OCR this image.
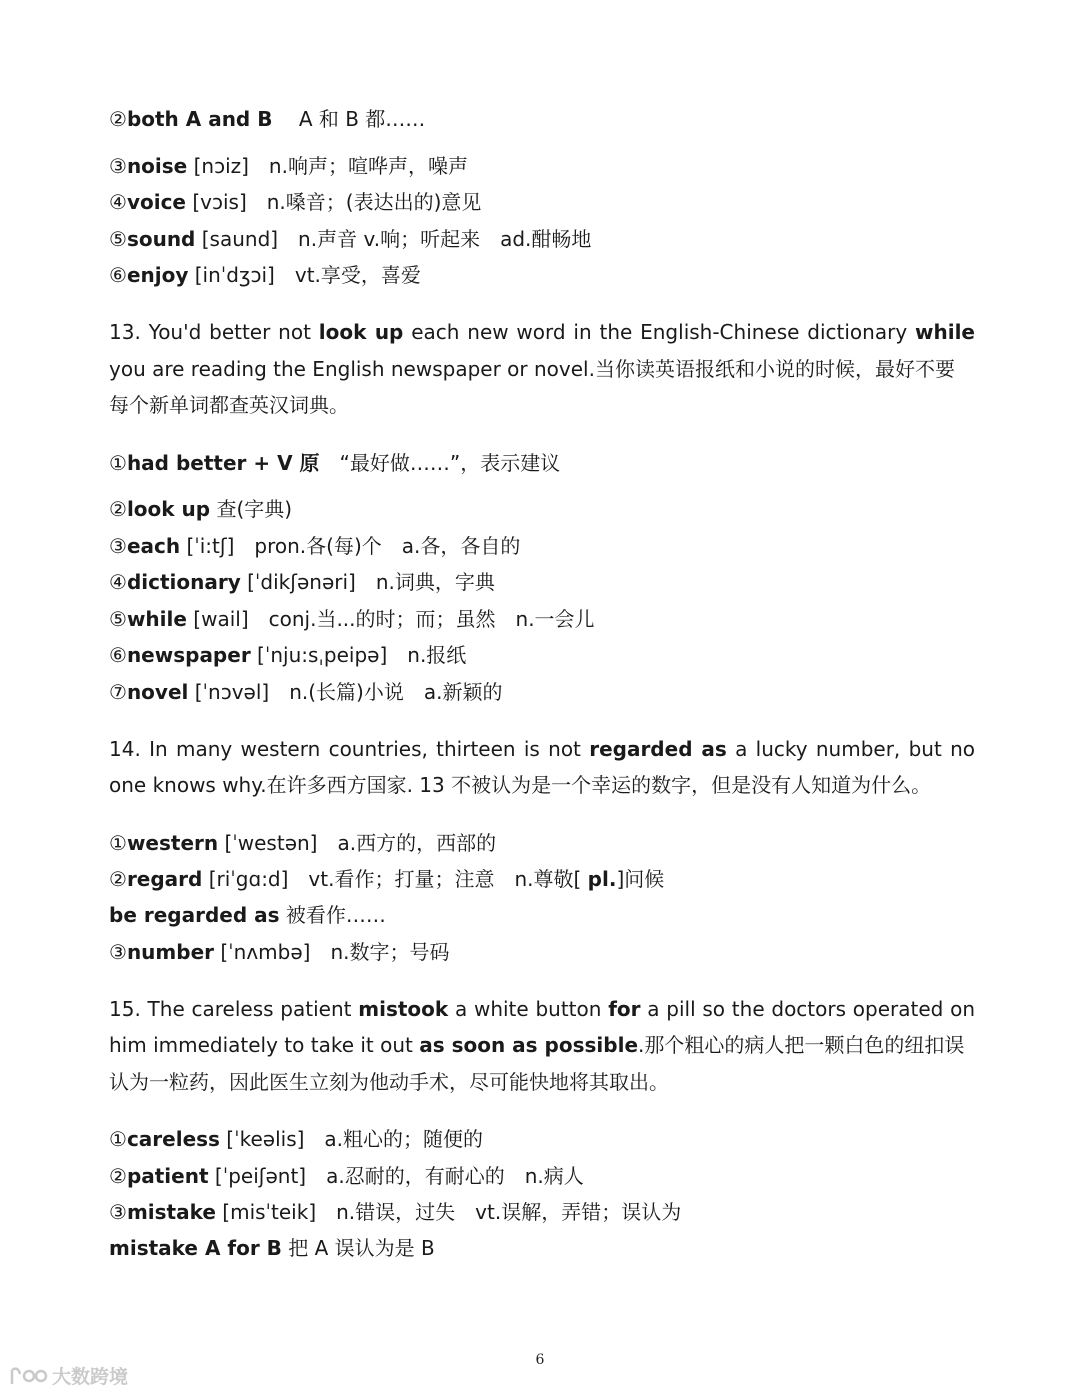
②both A and B　 A 和 B 都……
③noise [nɔiz]　n.响声；喧哗声，噪声
④voice [vɔis]　n.嗓音；(表达出的)意见
⑤sound [saund]　n.声音 v.响；听起来　ad.酣畅地
⑥enjoy [inˈdʒɔi]　vt.享受，喜爱
13. You'd better not look up each new word in the English-Chinese dictionary while
you are reading the English newspaper or novel.当你读英语报纸和小说的时候，最好不要
每个新单词都查英汉词典。
①had better + V 原　“最好做……”，表示建议
②look up 查(字典)
③each [ˈi:tʃ]　pron.各(每)个　a.各，各自的
④dictionary [ˈdikʃənəri]　n.词典，字典
⑤while [wail]　conj.当...的时；而；虽然　n.一会儿
⑥newspaper [ˈnju:sˌpeipə]　n.报纸
⑦novel [ˈnɔvəl]　n.(长篇)小说　a.新颖的
14. In many western countries, thirteen is not regarded as a lucky number, but no
one knows why.在许多西方国家. 13 不被认为是一个幸运的数字，但是没有人知道为什么。
①western [ˈwestən]　a.西方的，西部的
②regard [riˈgɑ:d]　vt.看作；打量；注意　n.尊敬[ pl.]问候
be regarded as 被看作……
③number [ˈnʌmbə]　n.数字；号码
15. The careless patient mistook a white button for a pill so the doctors operated on
him immediately to take it out as soon as possible.那个粗心的病人把一颗白色的纽扣误
认为一粒药，因此医生立刻为他动手术，尽可能快地将其取出。
①careless [ˈkeəlis]　a.粗心的；随便的
②patient [ˈpeiʃənt]　a.忍耐的，有耐心的　n.病人
③mistake [misˈteik]　n.错误，过失　vt.误解，弄错；误认为
mistake A for B 把 A 误认为是 B
6
大数跨境
